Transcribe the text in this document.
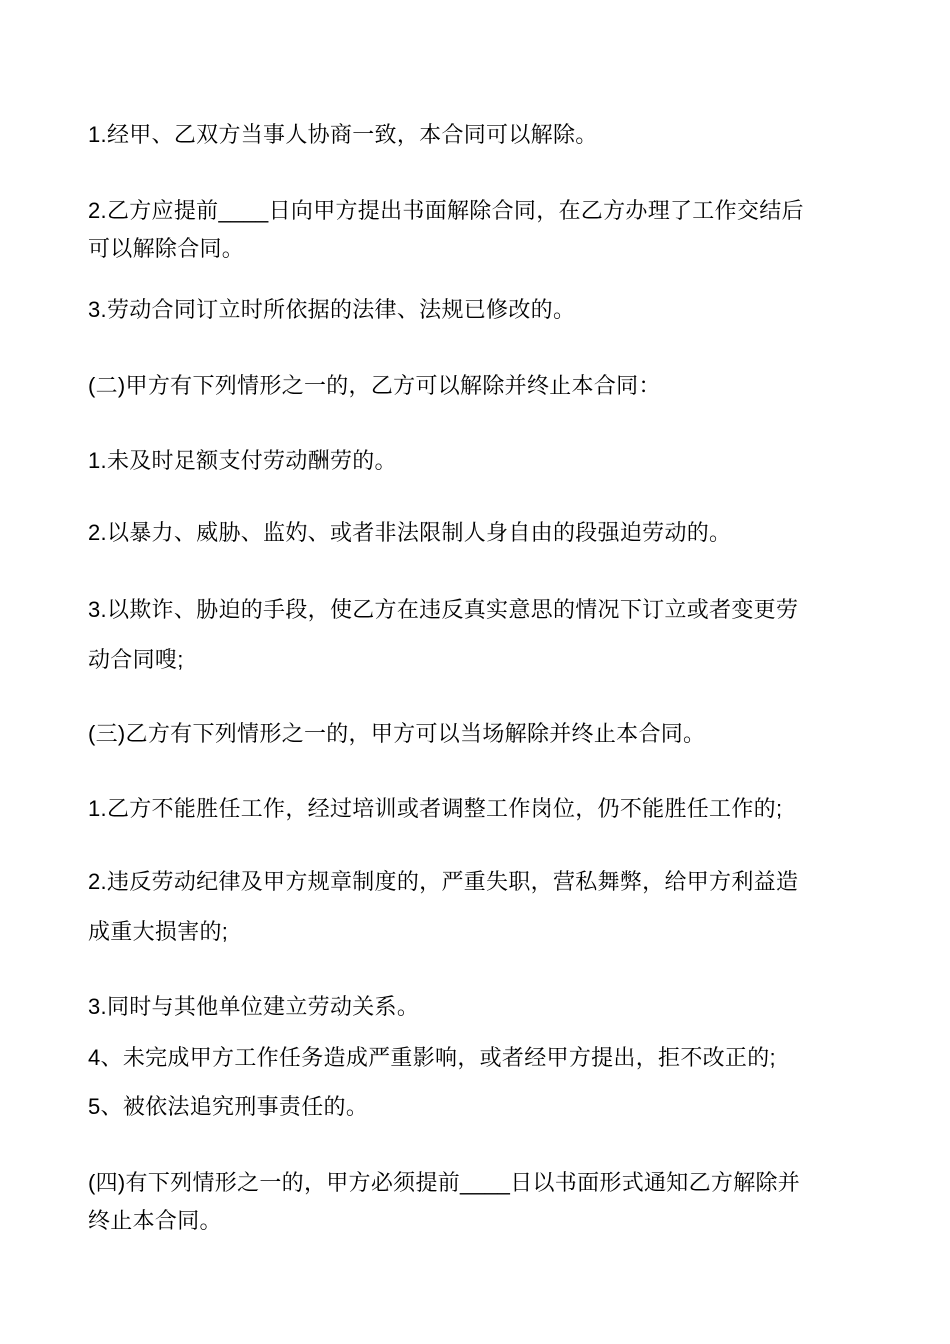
1.经甲、乙双方当事人协商一致，本合同可以解除。
2.乙方应提前____日向甲方提出书面解除合同，在乙方办理了工作交结后
可以解除合同。
3.劳动合同订立时所依据的法律、法规已修改的。
(二)甲方有下列情形之一的，乙方可以解除并终止本合同：
1.未及时足额支付劳动酬劳的。
2.以暴力、威胁、监妁、或者非法限制人身自由的段强迫劳动的。
3.以欺诈、胁迫的手段，使乙方在违反真实意思的情况下订立或者变更劳
动合同嗖;
(三)乙方有下列情形之一的，甲方可以当场解除并终止本合同。
1.乙方不能胜任工作，经过培训或者调整工作岗位，仍不能胜任工作的;
2.违反劳动纪律及甲方规章制度的，严重失职，营私舞弊，给甲方利益造
成重大损害的;
3.同时与其他单位建立劳动关系。
4、未完成甲方工作任务造成严重影响，或者经甲方提出，拒不改正的;
5、被依法追究刑事责任的。
(四)有下列情形之一的，甲方必须提前____日以书面形式通知乙方解除并
终止本合同。
